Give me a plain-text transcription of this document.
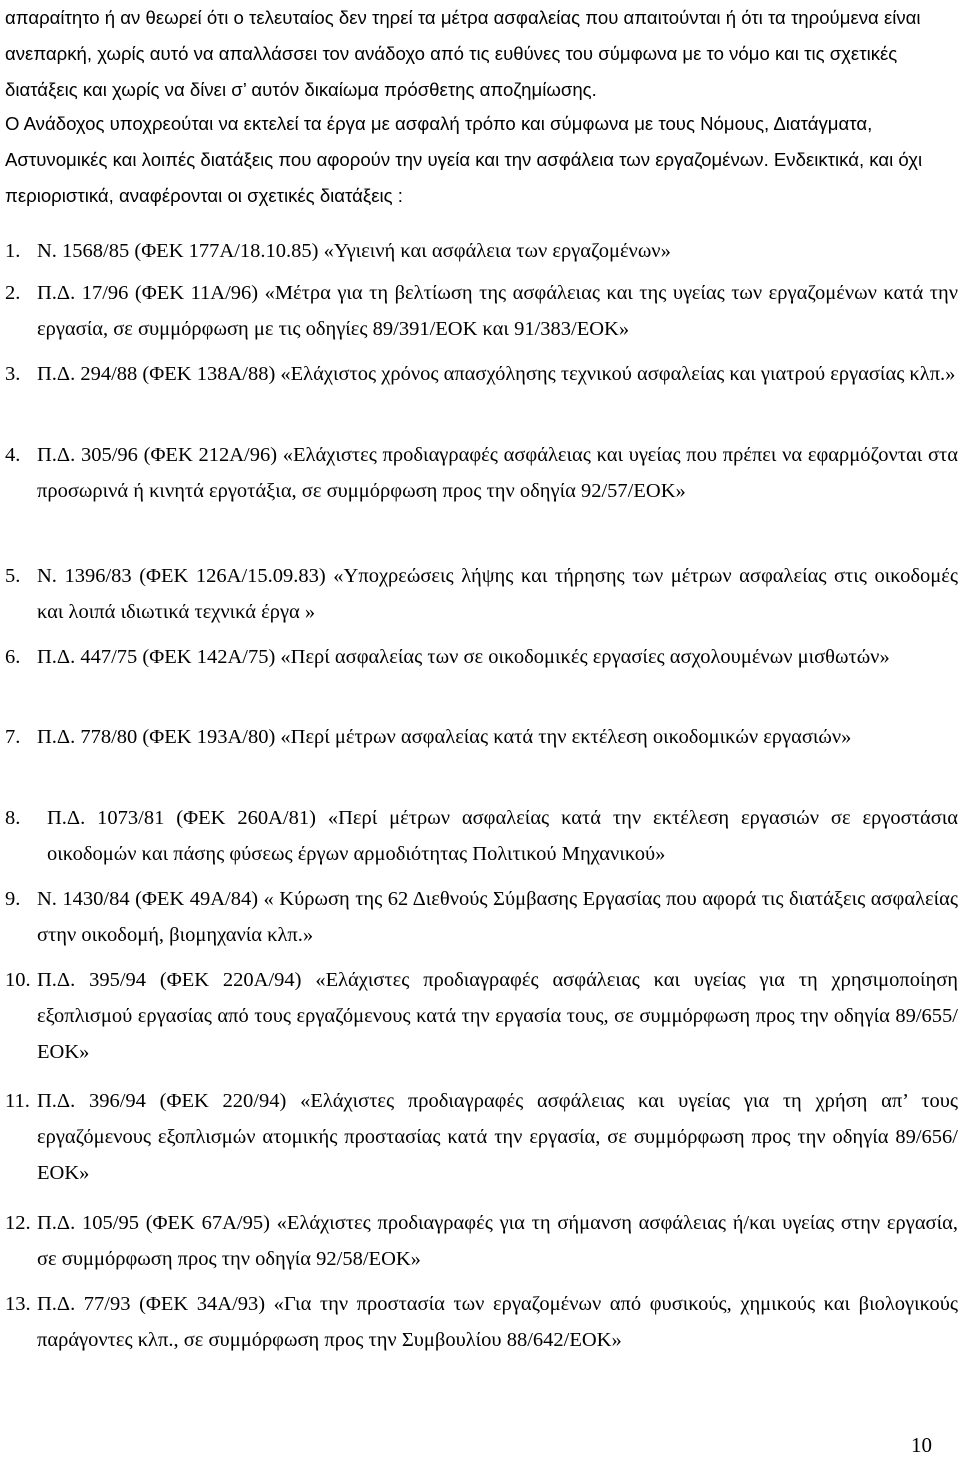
απαραίτητο ή αν θεωρεί ότι ο τελευταίος δεν τηρεί τα μέτρα ασφαλείας που απαιτούνται ή ότι τα τηρούμενα είναι ανεπαρκή, χωρίς αυτό να απαλλάσσει τον ανάδοχο από τις ευθύνες του σύμφωνα με το νόμο και τις σχετικές διατάξεις και χωρίς να δίνει σ’ αυτόν δικαίωμα πρόσθετης αποζημίωσης.
Ο Ανάδοχος υποχρεούται να εκτελεί τα έργα με ασφαλή τρόπο και σύμφωνα με τους Νόμους, Διατάγματα, Αστυνομικές και λοιπές διατάξεις που αφορούν την υγεία και την ασφάλεια των εργαζομένων. Ενδεικτικά, και όχι περιοριστικά, αναφέρονται οι σχετικές διατάξεις :
1. Ν. 1568/85 (ΦΕΚ 177Α/18.10.85) «Υγιεινή και ασφάλεια των εργαζομένων»
2. Π.Δ. 17/96 (ΦΕΚ 11Α/96) «Μέτρα για τη βελτίωση της ασφάλειας και της υγείας των εργαζομένων κατά την εργασία, σε συμμόρφωση με τις οδηγίες 89/391/ΕΟΚ και 91/383/ΕΟΚ»
3. Π.Δ. 294/88 (ΦΕΚ 138Α/88) «Ελάχιστος χρόνος απασχόλησης τεχνικού ασφαλείας και γιατρού εργασίας κλπ.»
4. Π.Δ. 305/96 (ΦΕΚ 212Α/96) «Ελάχιστες προδιαγραφές ασφάλειας και υγείας που πρέπει να εφαρμόζονται στα προσωρινά ή κινητά εργοτάξια, σε συμμόρφωση προς την οδηγία 92/57/ΕΟΚ»
5. Ν. 1396/83 (ΦΕΚ 126Α/15.09.83) «Υποχρεώσεις λήψης και τήρησης των μέτρων ασφαλείας στις οικοδομές και λοιπά ιδιωτικά τεχνικά έργα »
6. Π.Δ. 447/75 (ΦΕΚ 142Α/75) «Περί ασφαλείας των σε οικοδομικές εργασίες ασχολουμένων μισθωτών»
7. Π.Δ. 778/80 (ΦΕΚ 193Α/80) «Περί μέτρων ασφαλείας κατά την εκτέλεση οικοδομικών εργασιών»
8. Π.Δ. 1073/81 (ΦΕΚ 260Α/81) «Περί μέτρων ασφαλείας κατά την εκτέλεση εργασιών σε εργοστάσια οικοδομών και πάσης φύσεως έργων αρμοδιότητας Πολιτικού Μηχανικού»
9. Ν. 1430/84 (ΦΕΚ 49Α/84) « Κύρωση της 62 Διεθνούς Σύμβασης Εργασίας που αφορά τις διατάξεις ασφαλείας στην οικοδομή, βιομηχανία κλπ.»
10. Π.Δ. 395/94 (ΦΕΚ 220Α/94) «Ελάχιστες προδιαγραφές ασφάλειας και υγείας για τη χρησιμοποίηση εξοπλισμού εργασίας από τους εργαζόμενους κατά την εργασία τους, σε συμμόρφωση προς την οδηγία 89/655/ΕΟΚ»
11. Π.Δ. 396/94 (ΦΕΚ 220/94) «Ελάχιστες προδιαγραφές ασφάλειας και υγείας για τη χρήση απ’ τους εργαζόμενους εξοπλισμών ατομικής προστασίας κατά την εργασία, σε συμμόρφωση προς την οδηγία 89/656/ΕΟΚ»
12. Π.Δ. 105/95 (ΦΕΚ 67Α/95) «Ελάχιστες προδιαγραφές για τη σήμανση ασφάλειας ή/και υγείας στην εργασία, σε συμμόρφωση προς την οδηγία 92/58/ΕΟΚ»
13. Π.Δ. 77/93 (ΦΕΚ 34Α/93) «Για την προστασία των εργαζομένων από φυσικούς, χημικούς και βιολογικούς παράγοντες κλπ., σε συμμόρφωση προς την Συμβουλίου 88/642/ΕΟΚ»
10
